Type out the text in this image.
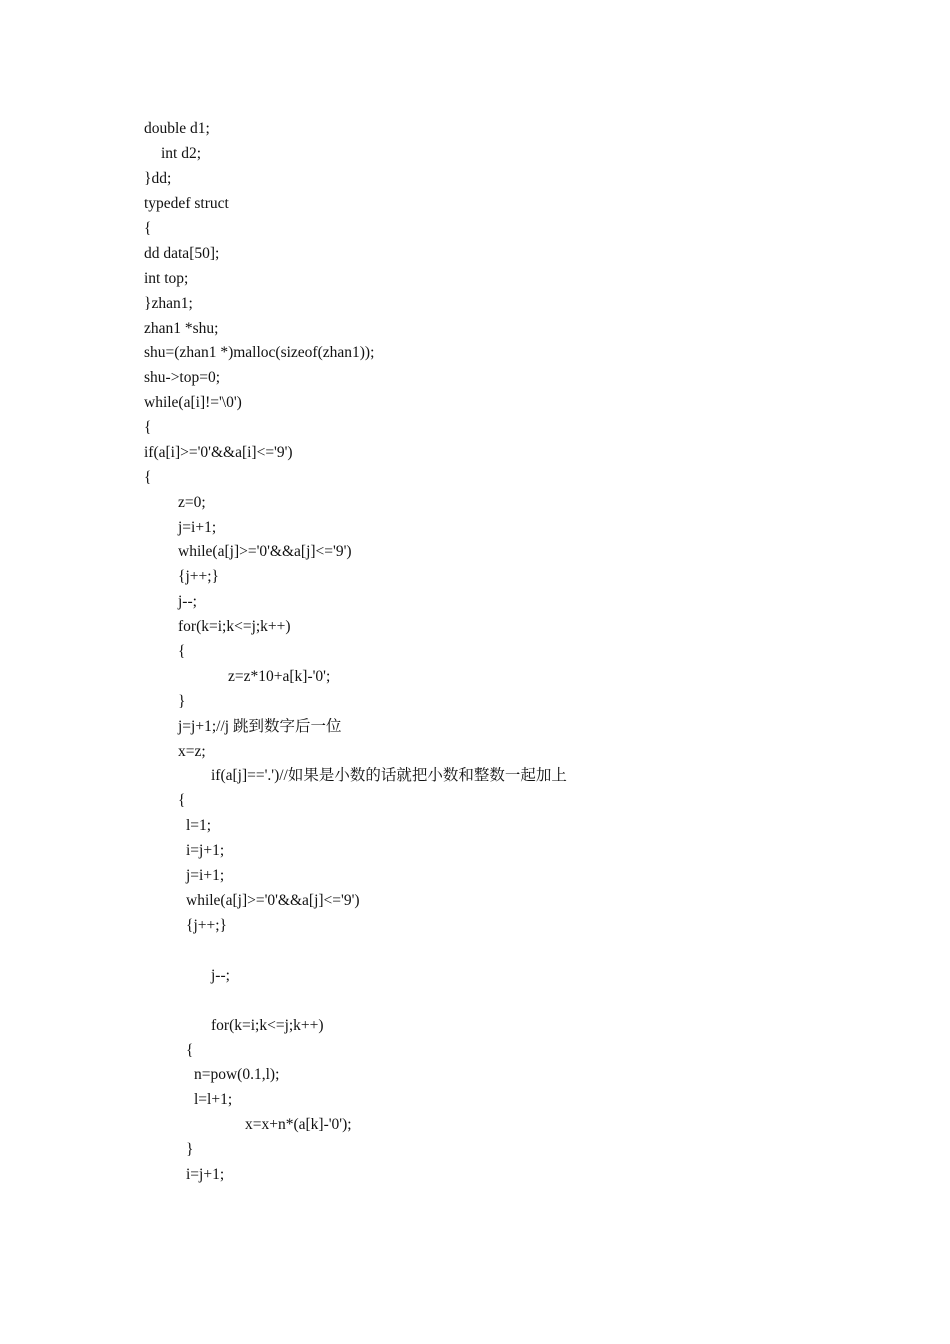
double d1;
int d2;
}dd;
typedef struct
{
dd data[50];
int top;
}zhan1;
zhan1 *shu;
shu=(zhan1 *)malloc(sizeof(zhan1));
shu->top=0;
while(a[i]!='\0')
{
if(a[i]>='0'&&a[i]<='9')
{
z=0;
j=i+1;
while(a[j]>='0'&&a[j]<='9')
{j++;}
j--;
for(k=i;k<=j;k++)
{
z=z*10+a[k]-'0';
}
j=j+1;//j 跳到数字后一位
x=z;
if(a[j]=='.')//如果是小数的话就把小数和整数一起加上
{
l=1;
i=j+1;
j=i+1;
while(a[j]>='0'&&a[j]<='9')
{j++;}
j--;
for(k=i;k<=j;k++)
{
n=pow(0.1,l);
l=l+1;
x=x+n*(a[k]-'0');
}
i=j+1;
